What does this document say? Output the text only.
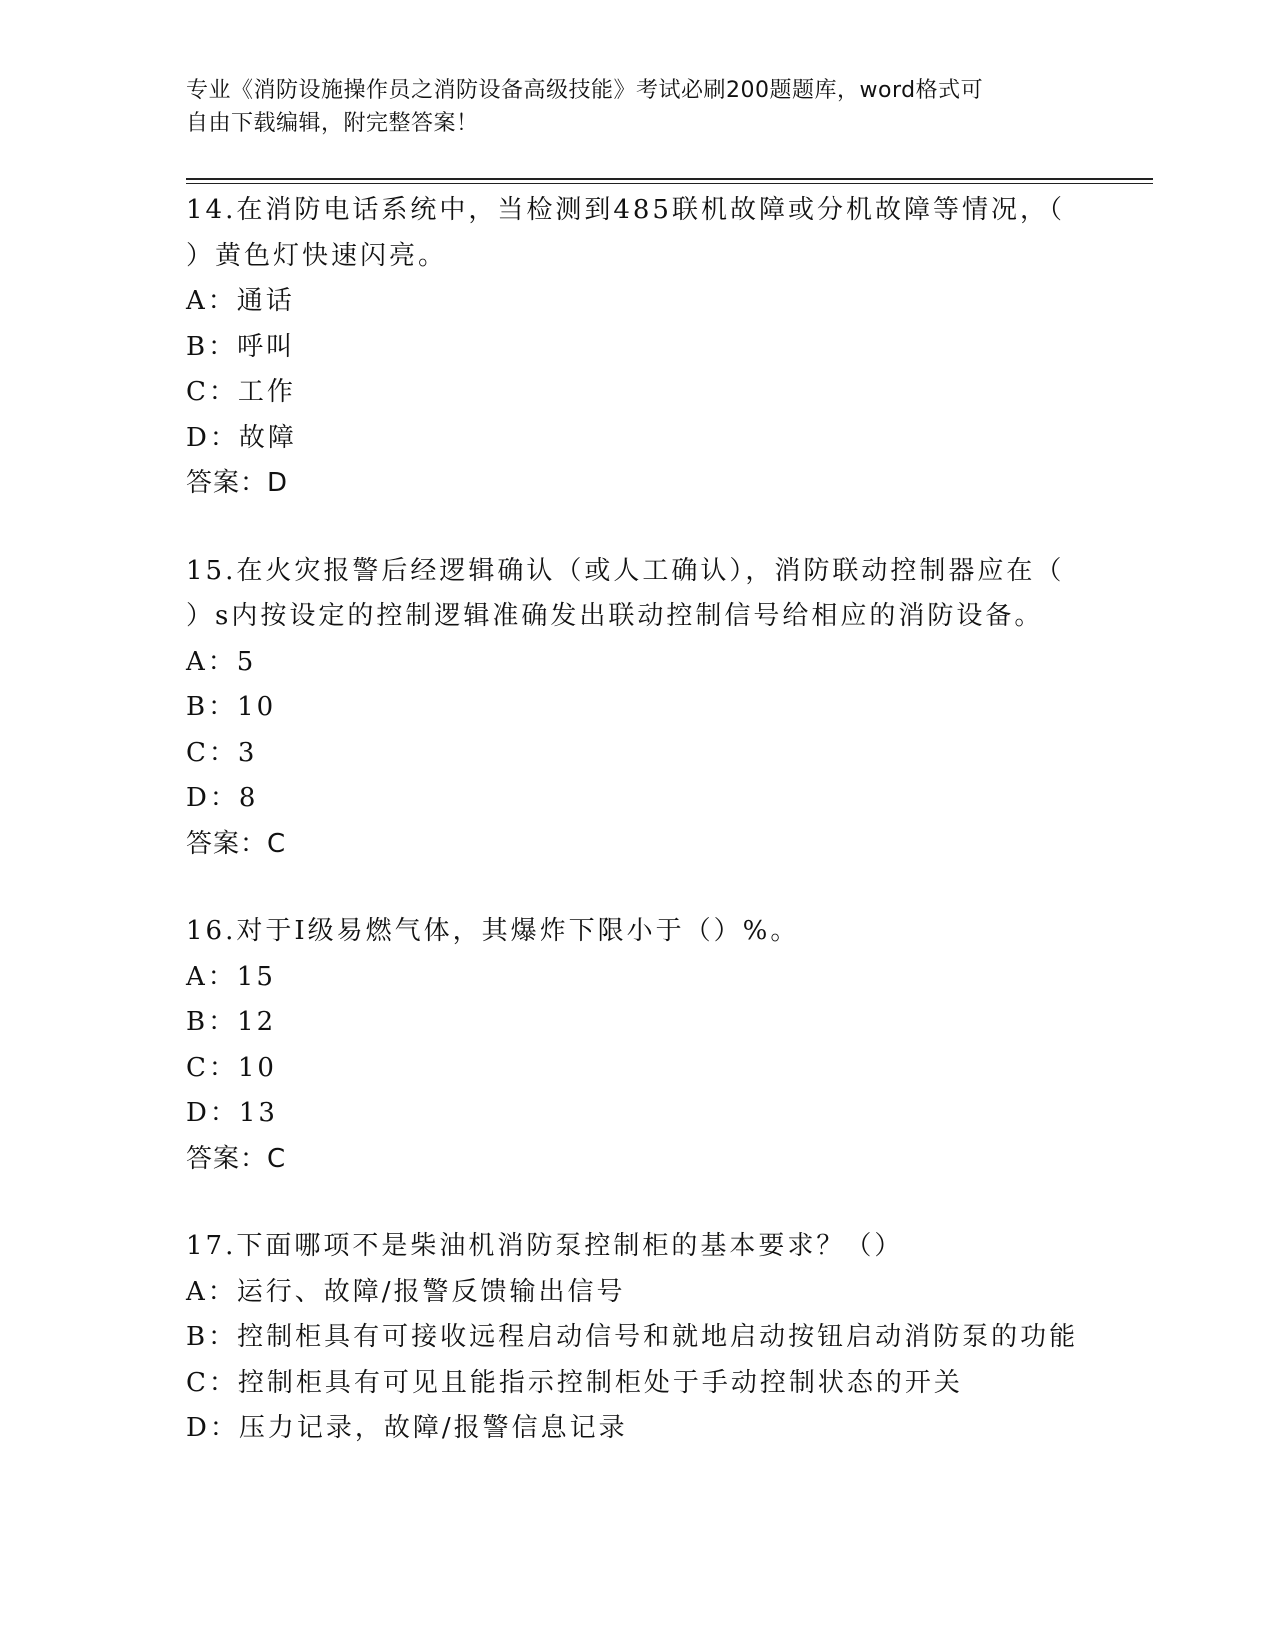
专业《消防设施操作员之消防设备高级技能》考试必刷200题题库，word格式可
自由下载编辑，附完整答案！
14.在消防电话系统中，当检测到485联机故障或分机故障等情况，（
）黄色灯快速闪亮。
A：通话
B：呼叫
C：工作
D：故障
答案：D
15.在火灾报警后经逻辑确认（或人工确认），消防联动控制器应在（
）s内按设定的控制逻辑准确发出联动控制信号给相应的消防设备。
A：5
B：10
C：3
D：8
答案：C
16.对于Ⅰ级易燃气体，其爆炸下限小于（）%。
A：15
B：12
C：10
D：13
答案：C
17.下面哪项不是柴油机消防泵控制柜的基本要求？（）
A：运行、故障/报警反馈输出信号
B：控制柜具有可接收远程启动信号和就地启动按钮启动消防泵的功能
C：控制柜具有可见且能指示控制柜处于手动控制状态的开关
D：压力记录，故障/报警信息记录
